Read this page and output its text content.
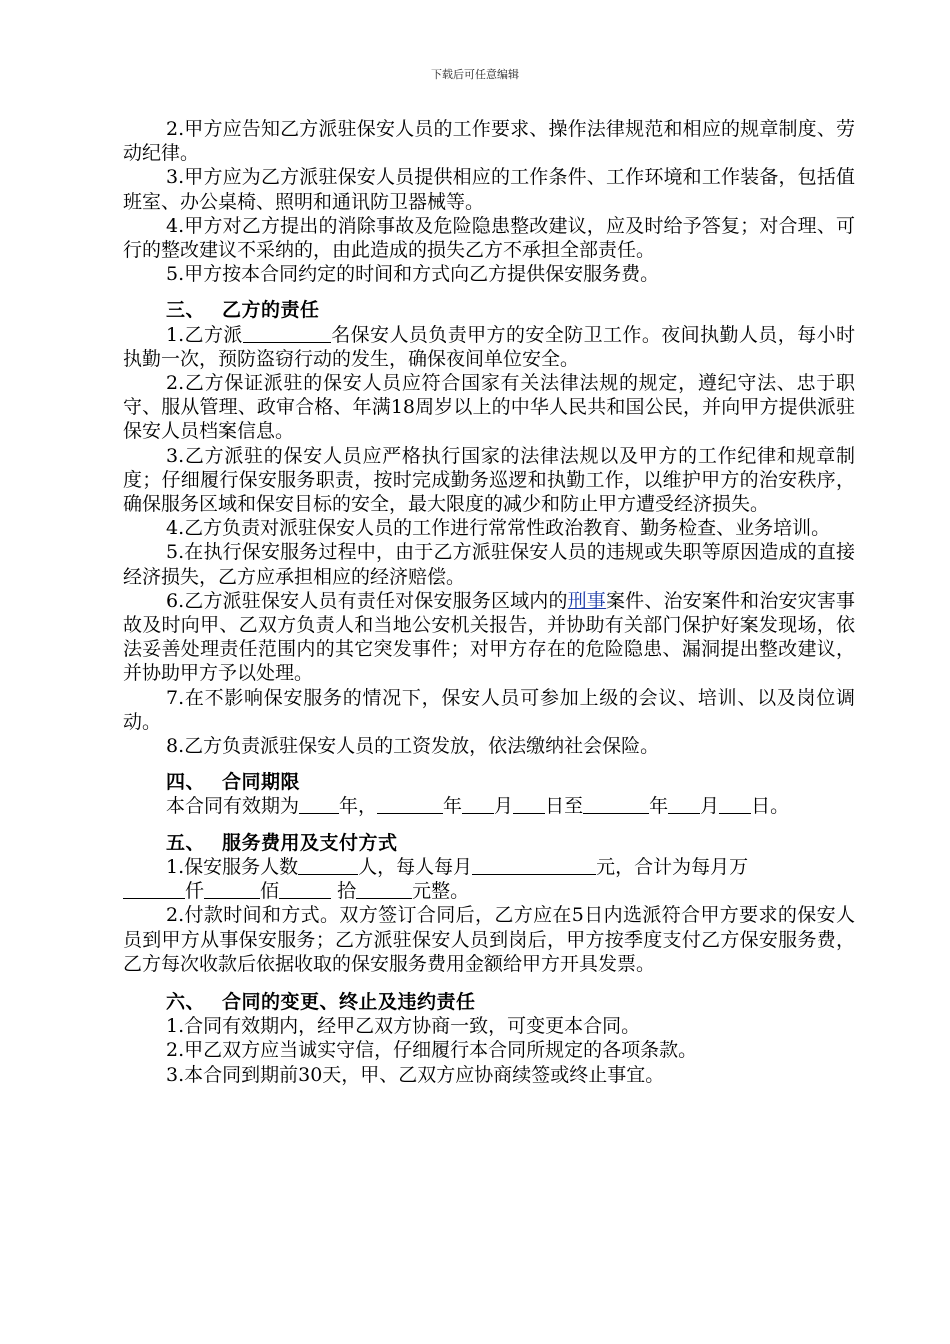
下载后可任意编辑

2.甲方应告知乙方派驻保安人员的工作要求、操作法律规范和相应的规章制度、劳动纪律。

3.甲方应为乙方派驻保安人员提供相应的工作条件、工作环境和工作装备，包括值班室、办公桌椅、照明和通讯防卫器械等。

4.甲方对乙方提出的消除事故及危险隐患整改建议，应及时给予答复；对合理、可行的整改建议不采纳的，由此造成的损失乙方不承担全部责任。

5.甲方按本合同约定的时间和方式向乙方提供保安服务费。

三、 乙方的责任

1.乙方派	名保安人员负责甲方的安全防卫工作。夜间执勤人员，每小时执勤一次，预防盗窃行动的发生，确保夜间单位安全。

2.乙方保证派驻的保安人员应符合国家有关法律法规的规定，遵纪守法、忠于职守、服从管理、政审合格、年满18周岁以上的中华人民共和国公民，并向甲方提供派驻保安人员档案信息。

3.乙方派驻的保安人员应严格执行国家的法律法规以及甲方的工作纪律和规章制度；仔细履行保安服务职责，按时完成勤务巡逻和执勤工作，以维护甲方的治安秩序，确保服务区域和保安目标的安全，最大限度的减少和防止甲方遭受经济损失。

4.乙方负责对派驻保安人员的工作进行常常性政治教育、勤务检查、业务培训。

5.在执行保安服务过程中，由于乙方派驻保安人员的违规或失职等原因造成的直接经济损失，乙方应承担相应的经济赔偿。

6.乙方派驻保安人员有责任对保安服务区域内的刑事案件、治安案件和治安灾害事故及时向甲、乙双方负责人和当地公安机关报告，并协助有关部门保护好案发现场，依法妥善处理责任范围内的其它突发事件；对甲方存在的危险隐患、漏洞提出整改建议，并协助甲方予以处理。

7.在不影响保安服务的情况下，保安人员可参加上级的会议、培训、以及岗位调动。

8.乙方负责派驻保安人员的工资发放，依法缴纳社会保险。

四、 合同期限

本合同有效期为 年，	年 月 日至	年 月 日。

五、 服务费用及支付方式

1.保安服务人数	人，每人每月	元，合计为每月万

仟	佰	拾	元整。

2.付款时间和方式。双方签订合同后，乙方应在5日内选派符合甲方要求的保安人员到甲方从事保安服务；乙方派驻保安人员到岗后，甲方按季度支付乙方保安服务费，乙方每次收款后依据收取的保安服务费用金额给甲方开具发票。

六、 合同的变更、终止及违约责任

1.合同有效期内，经甲乙双方协商一致，可变更本合同。

2.甲乙双方应当诚实守信，仔细履行本合同所规定的各项条款。

3.本合同到期前30天，甲、乙双方应协商续签或终止事宜。
